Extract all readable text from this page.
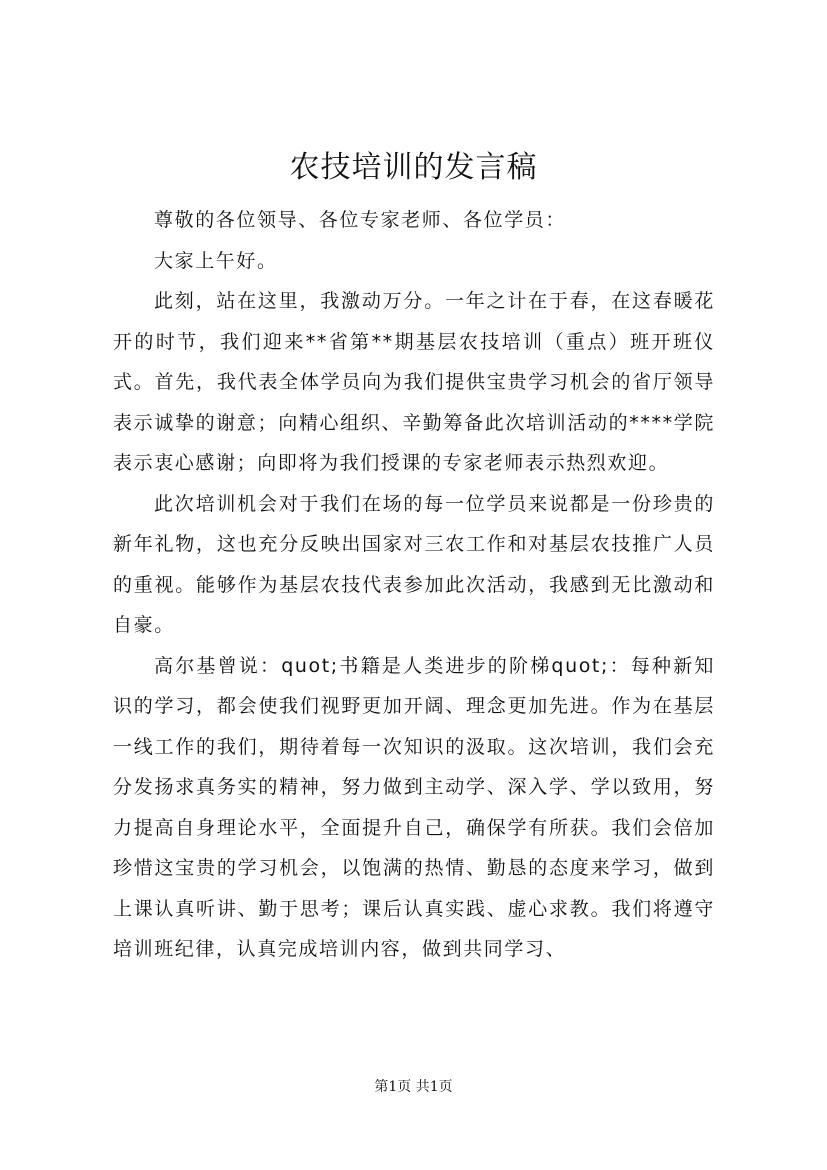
农技培训的发言稿

尊敬的各位领导、各位专家老师、各位学员：

大家上午好。

此刻，站在这里，我激动万分。一年之计在于春，在这春暖花开的时节，我们迎来**省第**期基层农技培训（重点）班开班仪式。首先，我代表全体学员向为我们提供宝贵学习机会的省厅领导表示诚挚的谢意；向精心组织、辛勤筹备此次培训活动的****学院表示衷心感谢；向即将为我们授课的专家老师表示热烈欢迎。

此次培训机会对于我们在场的每一位学员来说都是一份珍贵的新年礼物，这也充分反映出国家对三农工作和对基层农技推广人员的重视。能够作为基层农技代表参加此次活动，我感到无比激动和自豪。

高尔基曾说：quot;书籍是人类进步的阶梯quot;：每种新知识的学习，都会使我们视野更加开阔、理念更加先进。作为在基层一线工作的我们，期待着每一次知识的汲取。这次培训，我们会充分发扬求真务实的精神，努力做到主动学、深入学、学以致用，努力提高自身理论水平，全面提升自己，确保学有所获。我们会倍加珍惜这宝贵的学习机会，以饱满的热情、勤恳的态度来学习，做到上课认真听讲、勤于思考；课后认真实践、虚心求教。我们将遵守培训班纪律，认真完成培训内容，做到共同学习、

第1页 共1页
